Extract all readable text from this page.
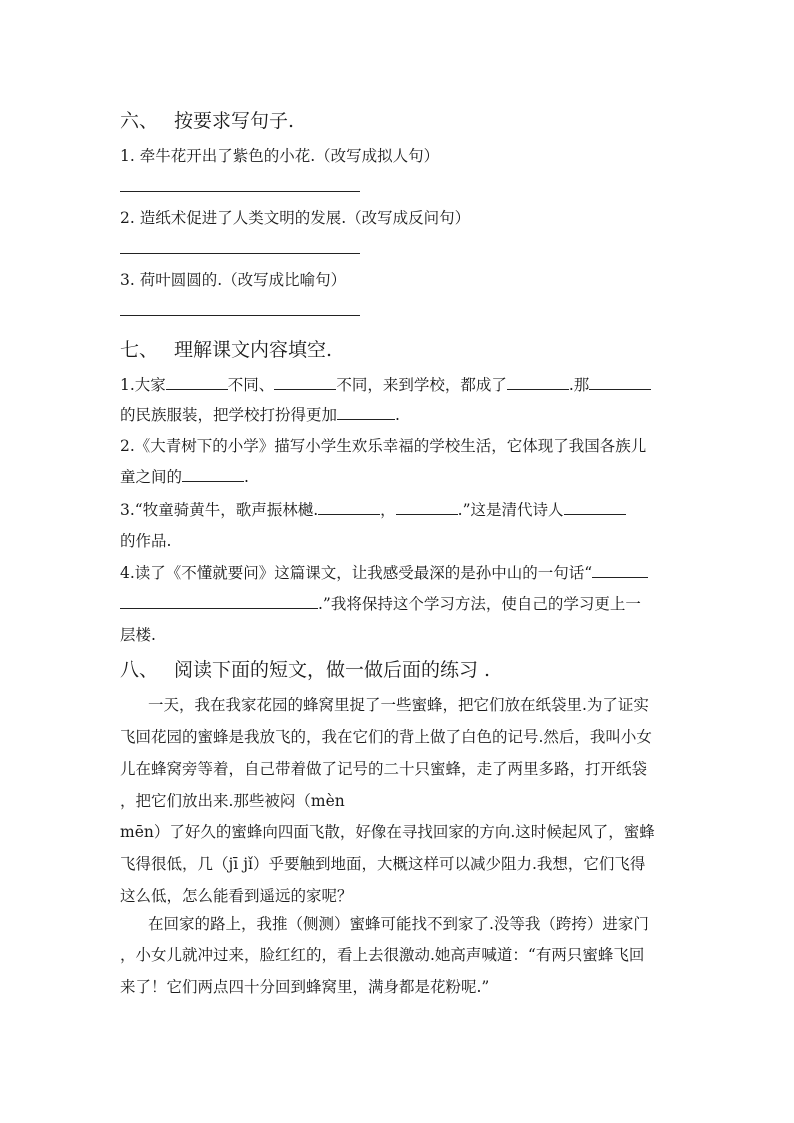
六、 按要求写句子.
1. 牵牛花开出了紫色的小花.（改写成拟人句）
2. 造纸术促进了人类文明的发展.（改写成反问句）
3. 荷叶圆圆的.（改写成比喻句）
七、 理解课文内容填空.
1.大家	不同、	不同，来到学校，都成了	.那
的民族服装，把学校打扮得更加	.
2.《大青树下的小学》描写小学生欢乐幸福的学校生活，它体现了我国各族儿
童之间的	.
3.“牧童骑黄牛，歌声振林樾.	，	.”这是清代诗人
的作品.
4.读了《不懂就要问》这篇课文，让我感受最深的是孙中山的一句话“
.”我将保持这个学习方法，使自己的学习更上一
层楼.
八、 阅读下面的短文，做一做后面的练习 .
一天，我在我家花园的蜂窝里捉了一些蜜蜂，把它们放在纸袋里.为了证实
飞回花园的蜜蜂是我放飞的，我在它们的背上做了白色的记号.然后，我叫小女
儿在蜂窝旁等着，自己带着做了记号的二十只蜜蜂，走了两里多路，打开纸袋
，把它们放出来.那些被闷（mèn
mēn）了好久的蜜蜂向四面飞散，好像在寻找回家的方向.这时候起风了，蜜蜂
飞得很低，几（jī jǐ）乎要触到地面，大概这样可以减少阻力.我想，它们飞得
这么低，怎么能看到遥远的家呢？
在回家的路上，我推（侧测）蜜蜂可能找不到家了.没等我（跨挎）进家门
，小女儿就冲过来，脸红红的，看上去很激动.她高声喊道：“有两只蜜蜂飞回
来了！它们两点四十分回到蜂窝里，满身都是花粉呢.”
